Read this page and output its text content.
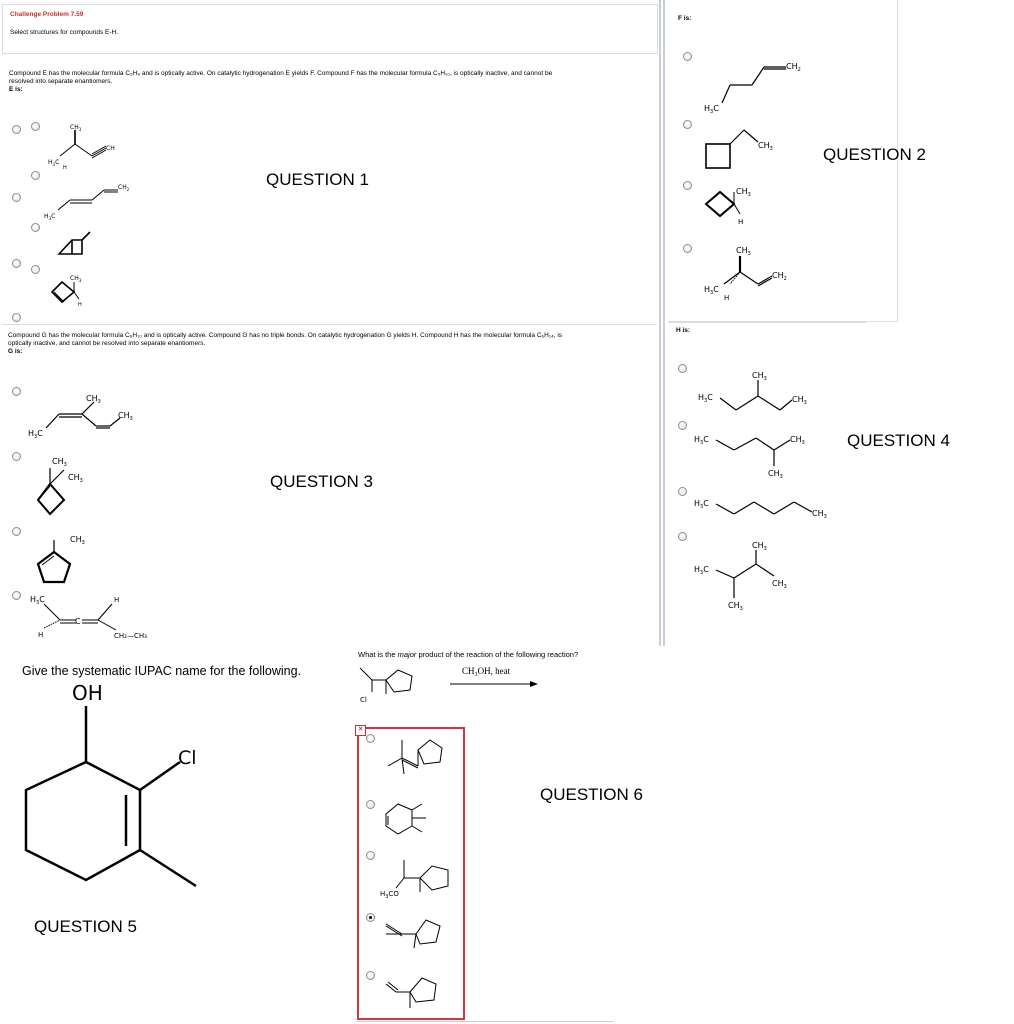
Challenge Problem 7.59
Select structures for compounds E-H.
Compound E has the molecular formula C₅H₈ and is optically active. On catalytic hydrogenation E yields F. Compound F has the molecular formula C₅H₁₀, is optically inactive, and cannot be
resolved into separate enantiomers.
E is:
$CH_3$
CH
$H_3C$
H
$CH_2$
$H_3C$
$CH_3$
H
QUESTION 1
Compound G has the molecular formula C₆H₁₀ and is optically active. Compound G has no triple bonds. On catalytic hydrogenation G yields H. Compound H has the molecular formula C₆H₁₄, is
optically inactive, and cannot be resolved into separate enantiomers.
G is:
$CH_3$
$CH_3$
$H_3C$
$CH_3$
$CH_3$
$CH_3$
$H_3C$
C
H
H	CH₂—CH₃
QUESTION 3
F is:
$CH_2$
$H_3C$
$CH_3$
$CH_3$
H
$CH_3$
$CH_2$
$H_3C$
H
QUESTION 2
H is:
$CH_3$
$H_3C$	$CH_3$
$H_3C$	$CH_3$
$CH_3$
$H_3C$
$CH_3$
$CH_3$
$H_3C$
$CH_3$
$CH_3$
QUESTION 4
Give the systematic IUPAC name for the following.
OH
Cl
QUESTION 5
What is the major product of the reaction of the following reaction?
Cl
CH₃OH, heat
×
$H_3CO$
QUESTION 6
